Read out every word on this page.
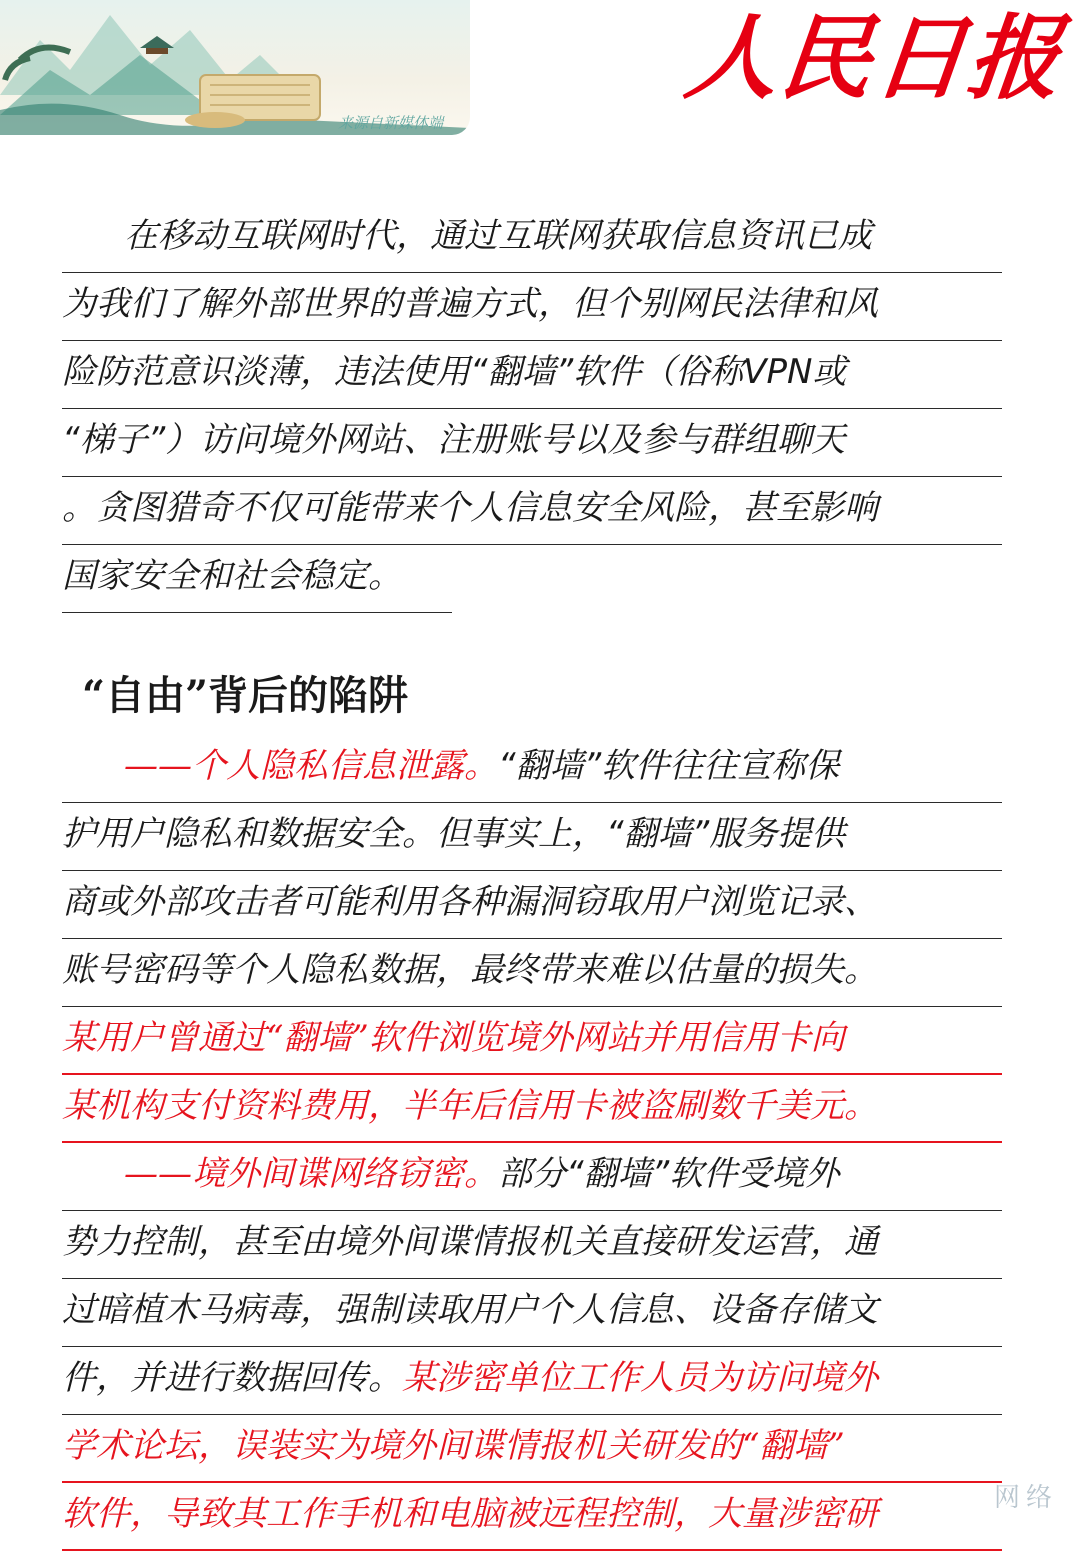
来源自新媒体端
人民日报
在移动互联网时代，通过互联网获取信息资讯已成
为我们了解外部世界的普遍方式，但个别网民法律和风
险防范意识淡薄，违法使用“翻墙”软件（俗称VPN或
“梯子”）访问境外网站、注册账号以及参与群组聊天
。贪图猎奇不仅可能带来个人信息安全风险，甚至影响
国家安全和社会稳定。
“自由”背后的陷阱
——个人隐私信息泄露。“翻墙”软件往往宣称保
护用户隐私和数据安全。但事实上，“翻墙”服务提供
商或外部攻击者可能利用各种漏洞窃取用户浏览记录、
账号密码等个人隐私数据，最终带来难以估量的损失。
某用户曾通过“翻墙”软件浏览境外网站并用信用卡向
某机构支付资料费用，半年后信用卡被盗刷数千美元。
——境外间谍网络窃密。部分“翻墙”软件受境外
势力控制，甚至由境外间谍情报机关直接研发运营，通
过暗植木马病毒，强制读取用户个人信息、设备存储文
件，并进行数据回传。某涉密单位工作人员为访问境外
学术论坛，误装实为境外间谍情报机关研发的“翻墙”
软件，导致其工作手机和电脑被远程控制，大量涉密研	网络
